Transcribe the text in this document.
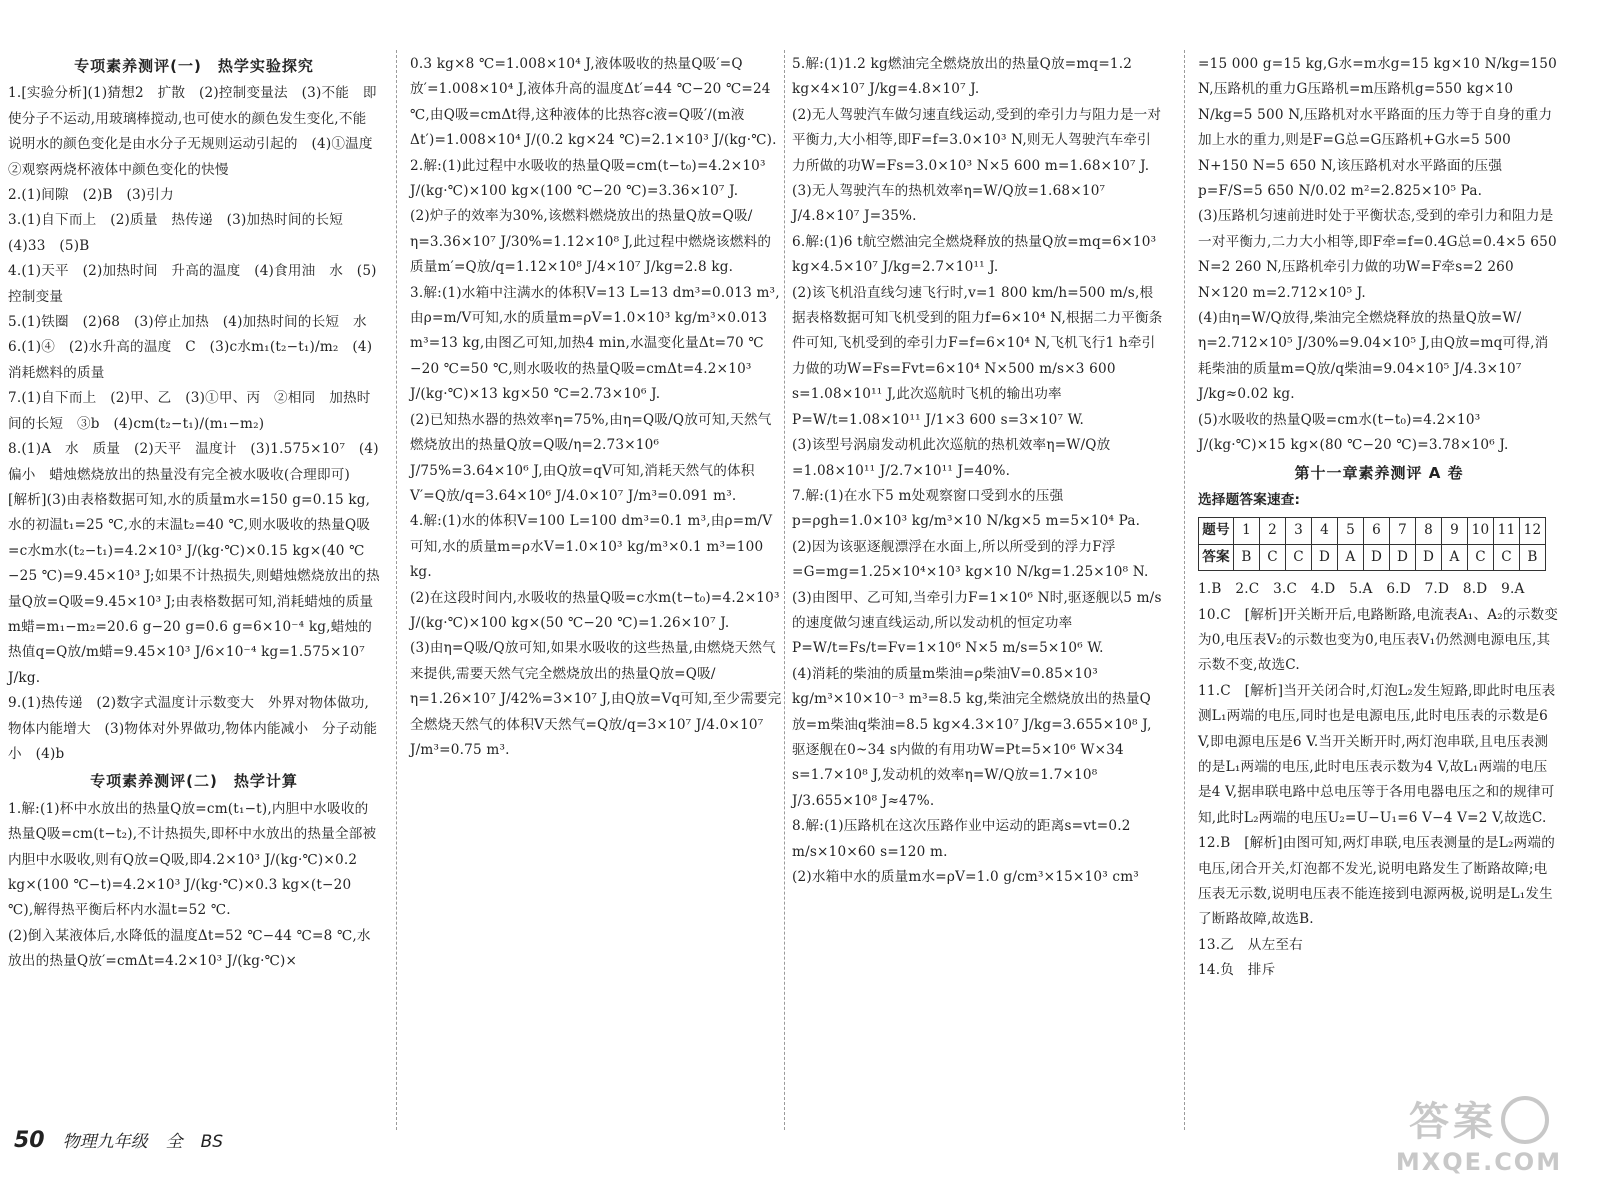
专项素养测评(一)　热学实验探究

1.[实验分析](1)猜想2　扩散　(2)控制变量法　(3)不能　即使分子不运动,用玻璃棒搅动,也可使水的颜色发生变化,不能说明水的颜色变化是由水分子无规则运动引起的　(4)①温度　②观察两烧杯液体中颜色变化的快慢

2.(1)间隙　(2)B　(3)引力

3.(1)自下而上　(2)质量　热传递　(3)加热时间的长短　(4)33　(5)B

4.(1)天平　(2)加热时间　升高的温度　(4)食用油　水　(5)控制变量

5.(1)铁圈　(2)68　(3)停止加热　(4)加热时间的长短　水

6.(1)④　(2)水升高的温度　C　(3)c水m₁(t₂−t₁)/m₂　(4)消耗燃料的质量

7.(1)自下而上　(2)甲、乙　(3)①甲、丙　②相同　加热时间的长短　③b　(4)cm(t₂−t₁)/(m₁−m₂)

8.(1)A　水　质量　(2)天平　温度计　(3)1.575×10⁷　(4)偏小　蜡烛燃烧放出的热量没有完全被水吸收(合理即可)　[解析](3)由表格数据可知,水的质量m水=150 g=0.15 kg,水的初温t₁=25 ℃,水的末温t₂=40 ℃,则水吸收的热量Q吸=c水m水(t₂−t₁)=4.2×10³ J/(kg·℃)×0.15 kg×(40 ℃−25 ℃)=9.45×10³ J;如果不计热损失,则蜡烛燃烧放出的热量Q放=Q吸=9.45×10³ J;由表格数据可知,消耗蜡烛的质量m蜡=m₁−m₂=20.6 g−20 g=0.6 g=6×10⁻⁴ kg,蜡烛的热值q=Q放/m蜡=9.45×10³ J/6×10⁻⁴ kg=1.575×10⁷ J/kg.

9.(1)热传递　(2)数字式温度计示数变大　外界对物体做功,物体内能增大　(3)物体对外界做功,物体内能减小　分子动能　小　(4)b

专项素养测评(二)　热学计算

1.解:(1)杯中水放出的热量Q放=cm(t₁−t),内胆中水吸收的热量Q吸=cm(t−t₂),不计热损失,即杯中水放出的热量全部被内胆中水吸收,则有Q放=Q吸,即4.2×10³ J/(kg·℃)×0.2 kg×(100 ℃−t)=4.2×10³ J/(kg·℃)×0.3 kg×(t−20 ℃),解得热平衡后杯内水温t=52 ℃.

(2)倒入某液体后,水降低的温度Δt=52 ℃−44 ℃=8 ℃,水放出的热量Q放′=cmΔt=4.2×10³ J/(kg·℃)×

0.3 kg×8 ℃=1.008×10⁴ J,液体吸收的热量Q吸′=Q放′=1.008×10⁴ J,液体升高的温度Δt′=44 ℃−20 ℃=24 ℃,由Q吸=cmΔt得,这种液体的比热容c液=Q吸′/(m液Δt′)=1.008×10⁴ J/(0.2 kg×24 ℃)=2.1×10³ J/(kg·℃).

2.解:(1)此过程中水吸收的热量Q吸=cm(t−t₀)=4.2×10³ J/(kg·℃)×100 kg×(100 ℃−20 ℃)=3.36×10⁷ J.

(2)炉子的效率为30%,该燃料燃烧放出的热量Q放=Q吸/η=3.36×10⁷ J/30%=1.12×10⁸ J,此过程中燃烧该燃料的质量m′=Q放/q=1.12×10⁸ J/4×10⁷ J/kg=2.8 kg.

3.解:(1)水箱中注满水的体积V=13 L=13 dm³=0.013 m³,由ρ=m/V可知,水的质量m=ρV=1.0×10³ kg/m³×0.013 m³=13 kg,由图乙可知,加热4 min,水温变化量Δt=70 ℃−20 ℃=50 ℃,则水吸收的热量Q吸=cmΔt=4.2×10³ J/(kg·℃)×13 kg×50 ℃=2.73×10⁶ J.

(2)已知热水器的热效率η=75%,由η=Q吸/Q放可知,天然气燃烧放出的热量Q放=Q吸/η=2.73×10⁶ J/75%=3.64×10⁶ J,由Q放=qV可知,消耗天然气的体积V′=Q放/q=3.64×10⁶ J/4.0×10⁷ J/m³=0.091 m³.

4.解:(1)水的体积V=100 L=100 dm³=0.1 m³,由ρ=m/V可知,水的质量m=ρ水V=1.0×10³ kg/m³×0.1 m³=100 kg.

(2)在这段时间内,水吸收的热量Q吸=c水m(t−t₀)=4.2×10³ J/(kg·℃)×100 kg×(50 ℃−20 ℃)=1.26×10⁷ J.

(3)由η=Q吸/Q放可知,如果水吸收的这些热量,由燃烧天然气来提供,需要天然气完全燃烧放出的热量Q放=Q吸/η=1.26×10⁷ J/42%=3×10⁷ J,由Q放=Vq可知,至少需要完全燃烧天然气的体积V天然气=Q放/q=3×10⁷ J/4.0×10⁷ J/m³=0.75 m³.

5.解:(1)1.2 kg燃油完全燃烧放出的热量Q放=mq=1.2 kg×4×10⁷ J/kg=4.8×10⁷ J.

(2)无人驾驶汽车做匀速直线运动,受到的牵引力与阻力是一对平衡力,大小相等,即F=f=3.0×10³ N,则无人驾驶汽车牵引力所做的功W=Fs=3.0×10³ N×5 600 m=1.68×10⁷ J.

(3)无人驾驶汽车的热机效率η=W/Q放=1.68×10⁷ J/4.8×10⁷ J=35%.

6.解:(1)6 t航空燃油完全燃烧释放的热量Q放=mq=6×10³ kg×4.5×10⁷ J/kg=2.7×10¹¹ J.

(2)该飞机沿直线匀速飞行时,v=1 800 km/h=500 m/s,根据表格数据可知飞机受到的阻力f=6×10⁴ N,根据二力平衡条件可知,飞机受到的牵引力F=f=6×10⁴ N,飞机飞行1 h牵引力做的功W=Fs=Fvt=6×10⁴ N×500 m/s×3 600 s=1.08×10¹¹ J,此次巡航时飞机的输出功率P=W/t=1.08×10¹¹ J/1×3 600 s=3×10⁷ W.

(3)该型号涡扇发动机此次巡航的热机效率η=W/Q放=1.08×10¹¹ J/2.7×10¹¹ J=40%.

7.解:(1)在水下5 m处观察窗口受到水的压强p=ρgh=1.0×10³ kg/m³×10 N/kg×5 m=5×10⁴ Pa.

(2)因为该驱逐舰漂浮在水面上,所以所受到的浮力F浮=G=mg=1.25×10⁴×10³ kg×10 N/kg=1.25×10⁸ N.

(3)由图甲、乙可知,当牵引力F=1×10⁶ N时,驱逐舰以5 m/s的速度做匀速直线运动,所以发动机的恒定功率P=W/t=Fs/t=Fv=1×10⁶ N×5 m/s=5×10⁶ W.

(4)消耗的柴油的质量m柴油=ρ柴油V=0.85×10³ kg/m³×10×10⁻³ m³=8.5 kg,柴油完全燃烧放出的热量Q放=m柴油q柴油=8.5 kg×4.3×10⁷ J/kg=3.655×10⁸ J,驱逐舰在0~34 s内做的有用功W=Pt=5×10⁶ W×34 s=1.7×10⁸ J,发动机的效率η=W/Q放=1.7×10⁸ J/3.655×10⁸ J≈47%.

8.解:(1)压路机在这次压路作业中运动的距离s=vt=0.2 m/s×10×60 s=120 m.

(2)水箱中水的质量m水=ρV=1.0 g/cm³×15×10³ cm³

=15 000 g=15 kg,G水=m水g=15 kg×10 N/kg=150 N,压路机的重力G压路机=m压路机g=550 kg×10 N/kg=5 500 N,压路机对水平路面的压力等于自身的重力加上水的重力,则是F=G总=G压路机+G水=5 500 N+150 N=5 650 N,该压路机对水平路面的压强p=F/S=5 650 N/0.02 m²=2.825×10⁵ Pa.

(3)压路机匀速前进时处于平衡状态,受到的牵引力和阻力是一对平衡力,二力大小相等,即F牵=f=0.4G总=0.4×5 650 N=2 260 N,压路机牵引力做的功W=F牵s=2 260 N×120 m=2.712×10⁵ J.

(4)由η=W/Q放得,柴油完全燃烧释放的热量Q放=W/η=2.712×10⁵ J/30%=9.04×10⁵ J,由Q放=mq可得,消耗柴油的质量m=Q放/q柴油=9.04×10⁵ J/4.3×10⁷ J/kg≈0.02 kg.

(5)水吸收的热量Q吸=cm水(t−t₀)=4.2×10³ J/(kg·℃)×15 kg×(80 ℃−20 ℃)=3.78×10⁶ J.

第十一章素养测评 A 卷
选择题答案速查:
题号	1	2	3	4	5	6	7	8	9	10	11	12
答案	B	C	C	D	A	D	D	D	A	C	C	B

1.B　2.C　3.C　4.D　5.A　6.D　7.D　8.D　9.A

10.C　[解析]开关断开后,电路断路,电流表A₁、A₂的示数变为0,电压表V₂的示数也变为0,电压表V₁仍然测电源电压,其示数不变,故选C.

11.C　[解析]当开关闭合时,灯泡L₂发生短路,即此时电压表测L₁两端的电压,同时也是电源电压,此时电压表的示数是6 V,即电源电压是6 V.当开关断开时,两灯泡串联,且电压表测的是L₁两端的电压,此时电压表示数为4 V,故L₁两端的电压是4 V,据串联电路中总电压等于各用电器电压之和的规律可知,此时L₂两端的电压U₂=U−U₁=6 V−4 V=2 V,故选C.

12.B　[解析]由图可知,两灯串联,电压表测量的是L₂两端的电压,闭合开关,灯泡都不发光,说明电路发生了断路故障;电压表无示数,说明电压表不能连接到电源两极,说明是L₁发生了断路故障,故选B.

13.乙　从左至右

14.负　排斥

50 物理九年级 全 BS	答案
MXQE.COM
